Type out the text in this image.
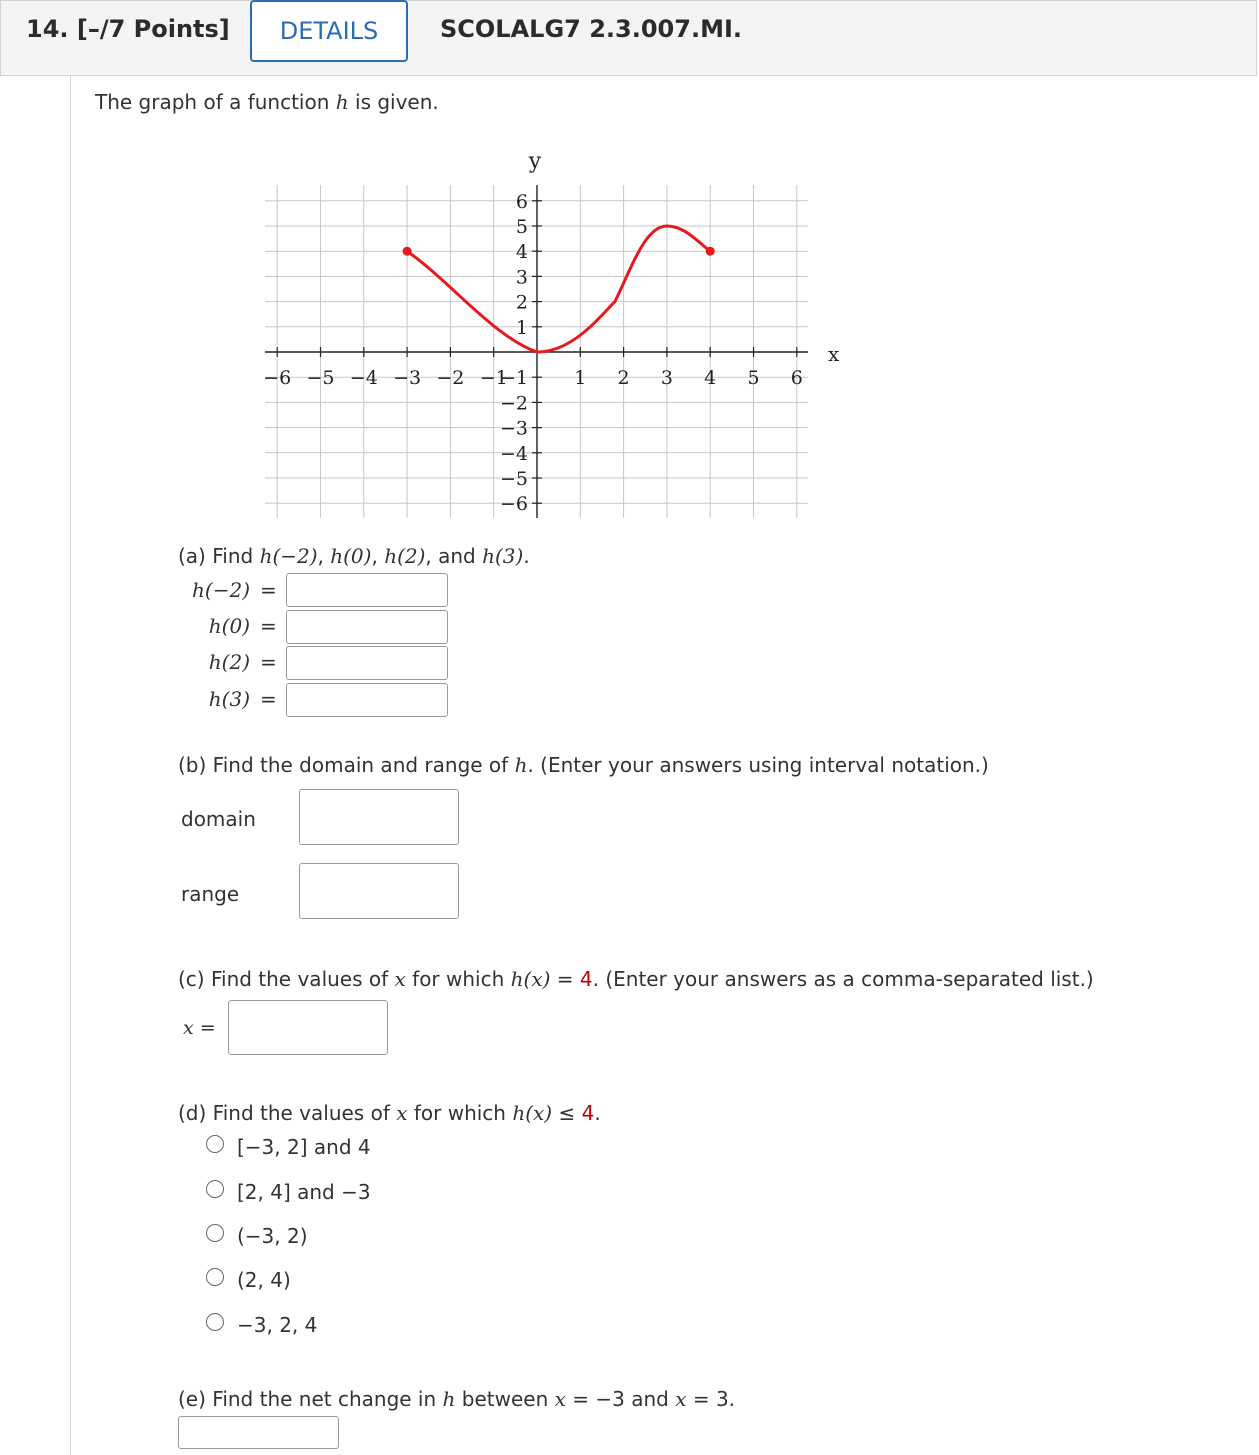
14. [–/7 Points]	DETAILS	SCOLALG7 2.3.007.MI.
The graph of a function h is given.
−6 −5 −4 −3 −2 −1	1 2 3 4 5 6
6
5
4
3
2
1
−1
−2
−3
−4
−5
−6
x
y
(a) Find h(−2), h(0), h(2), and h(3).
h(−2) =
h(0) =
h(2) =
h(3) =
(b) Find the domain and range of h. (Enter your answers using interval notation.)
domain
range
(c) Find the values of x for which h(x) = 4. (Enter your answers as a comma-separated list.)
x =
(d) Find the values of x for which h(x) ≤ 4.
[−3, 2] and 4
[2, 4] and −3
(−3, 2)
(2, 4)
−3, 2, 4
(e) Find the net change in h between x = −3 and x = 3.
